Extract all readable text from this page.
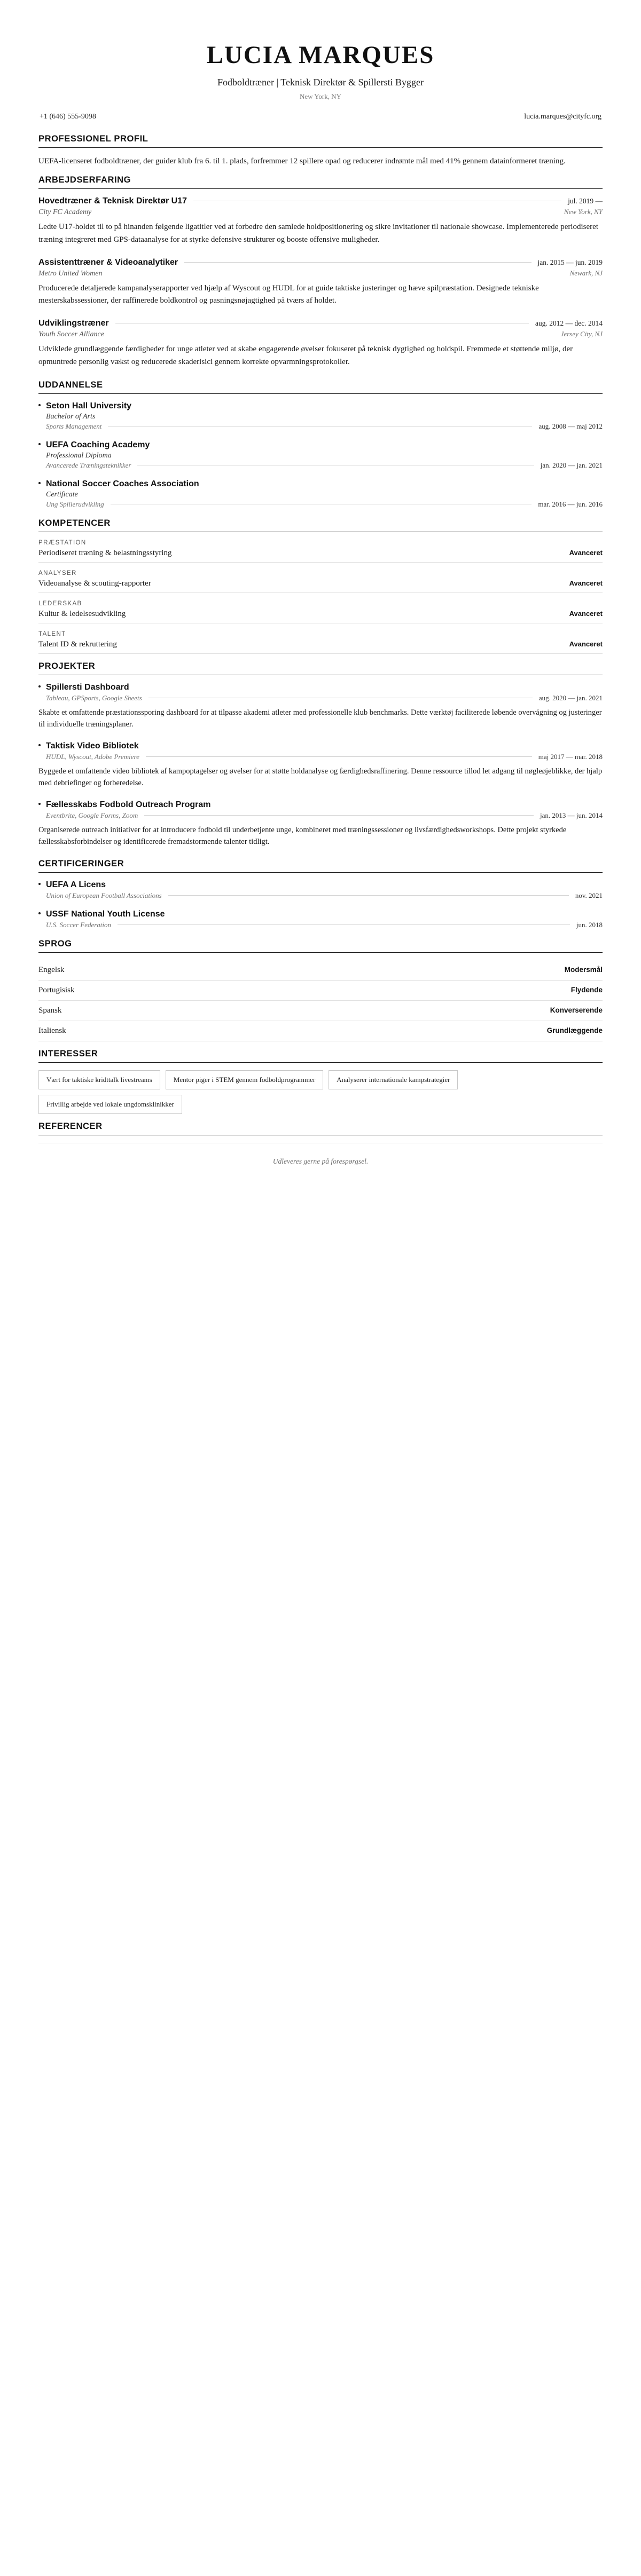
LUCIA MARQUES
Fodboldtræner | Teknisk Direktør & Spillersti Bygger
New York, NY
+1 (646) 555-9098	lucia.marques@cityfc.org
PROFESSIONEL PROFIL

UEFA-licenseret fodboldtræner, der guider klub fra 6. til 1. plads, forfremmer 12 spillere opad og reducerer indrømte mål med 41% gennem datainformeret træning.

ARBEJDSERFARING
Hovedtræner & Teknisk Direktør U17	jul. 2019 —
City FC Academy	New York, NY

Ledte U17-holdet til to på hinanden følgende ligatitler ved at forbedre den samlede holdpositionering og sikre invitationer til nationale showcase. Implementerede periodiseret træning integreret med GPS-dataanalyse for at styrke defensive strukturer og booste offensive muligheder.

Assistenttræner & Videoanalytiker	jan. 2015 — jun. 2019
Metro United Women	Newark, NJ

Producerede detaljerede kampanalyserapporter ved hjælp af Wyscout og HUDL for at guide taktiske justeringer og hæve spilpræstation. Designede tekniske mesterskabssessioner, der raffinerede boldkontrol og pasningsnøjagtighed på tværs af holdet.

Udviklingstræner	aug. 2012 — dec. 2014
Youth Soccer Alliance	Jersey City, NJ

Udviklede grundlæggende færdigheder for unge atleter ved at skabe engagerende øvelser fokuseret på teknisk dygtighed og holdspil. Fremmede et støttende miljø, der opmuntrede personlig vækst og reducerede skaderisici gennem korrekte opvarmningsprotokoller.

UDDANNELSE
Seton Hall University
Bachelor of Arts
Sports Management	aug. 2008 — maj 2012
UEFA Coaching Academy
Professional Diploma
Avancerede Træningsteknikker	jan. 2020 — jan. 2021
National Soccer Coaches Association
Certificate
Ung Spillerudvikling	mar. 2016 — jun. 2016
KOMPETENCER
PRÆSTATION
Periodiseret træning & belastningsstyring	Avanceret
ANALYSER
Videoanalyse & scouting-rapporter	Avanceret
LEDERSKAB
Kultur & ledelsesudvikling	Avanceret
TALENT
Talent ID & rekruttering	Avanceret
PROJEKTER
Spillersti Dashboard
Tableau, GPSports, Google Sheets	aug. 2020 — jan. 2021

Skabte et omfattende præstationssporing dashboard for at tilpasse akademi atleter med professionelle klub benchmarks. Dette værktøj faciliterede løbende overvågning og justeringer til individuelle træningsplaner.

Taktisk Video Bibliotek
HUDL, Wyscout, Adobe Premiere	maj 2017 — mar. 2018

Byggede et omfattende video bibliotek af kampoptagelser og øvelser for at støtte holdanalyse og færdighedsraffinering. Denne ressource tillod let adgang til nøgleøjeblikke, der hjalp med debriefinger og forberedelse.

Fællesskabs Fodbold Outreach Program
Eventbrite, Google Forms, Zoom	jan. 2013 — jun. 2014

Organiserede outreach initiativer for at introducere fodbold til underbetjente unge, kombineret med træningssessioner og livsfærdighedsworkshops. Dette projekt styrkede fællesskabsforbindelser og identificerede fremadstormende talenter tidligt.

CERTIFICERINGER
UEFA A Licens
Union of European Football Associations	nov. 2021
USSF National Youth License
U.S. Soccer Federation	jun. 2018
SPROG
Engelsk	Modersmål
Portugisisk	Flydende
Spansk	Konverserende
Italiensk	Grundlæggende
INTERESSER
Vært for taktiske kridttalk livestreams	Mentor piger i STEM gennem fodboldprogrammer	Analyserer internationale kampstrategier
Frivillig arbejde ved lokale ungdomsklinikker
REFERENCER
Udleveres gerne på forespørgsel.
